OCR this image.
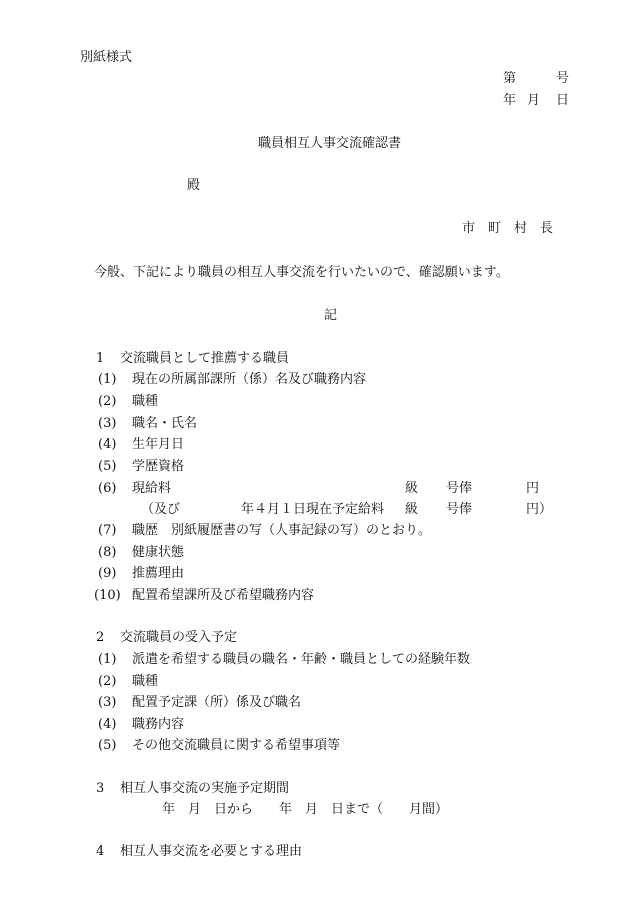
別紙様式
第	号
年 月 日
職員相互人事交流確認書
殿
市　町　村　長
今般、下記により職員の相互人事交流を行いたいので、確認願います。
記
1 交流職員として推薦する職員
(1) 現在の所属部課所（係）名及び職務内容
(2) 職種
(3) 職名・氏名
(4) 生年月日
(5) 学歴資格
(6) 現給料	級 号俸	円
（及び	年４月１日現在予定給料 級 号俸	円）
(7) 職歴　別紙履歴書の写（人事記録の写）のとおり。
(8) 健康状態
(9) 推薦理由
(10) 配置希望課所及び希望職務内容
2 交流職員の受入予定
(1) 派遣を希望する職員の職名・年齢・職員としての経験年数
(2) 職種
(3) 配置予定課（所）係及び職名
(4) 職務内容
(5) その他交流職員に関する希望事項等
3 相互人事交流の実施予定期間
年　月　日から　　年　月　日まで（　　月間）
4 相互人事交流を必要とする理由
